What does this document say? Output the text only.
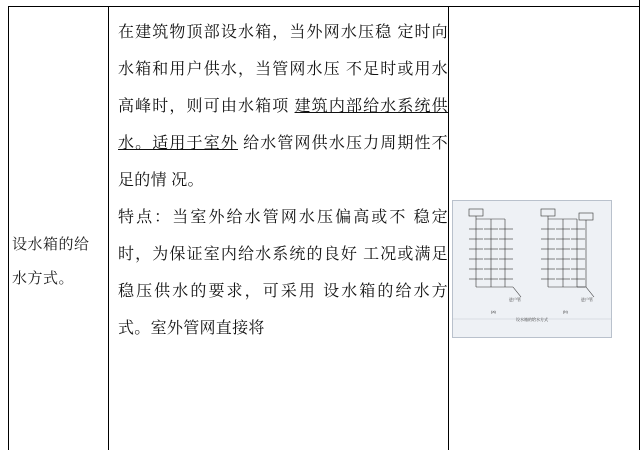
设水箱的给
水方式。

在建筑物顶部设水箱，当外网水压稳 定时向水箱和用户供水，当管网水压 不足时或用水高峰时，则可由水箱项 建筑内部给水系统供水。适用于室外 给水管网供水压力周期性不足的情 况。

特点：当室外给水管网水压偏高或不 稳定时，为保证室内给水系统的良好 工况或满足稳压供水的要求，可采用 设水箱的给水方式。室外管网直接将

进户管	进户管
(a)	(b)
设水箱的给水方式
